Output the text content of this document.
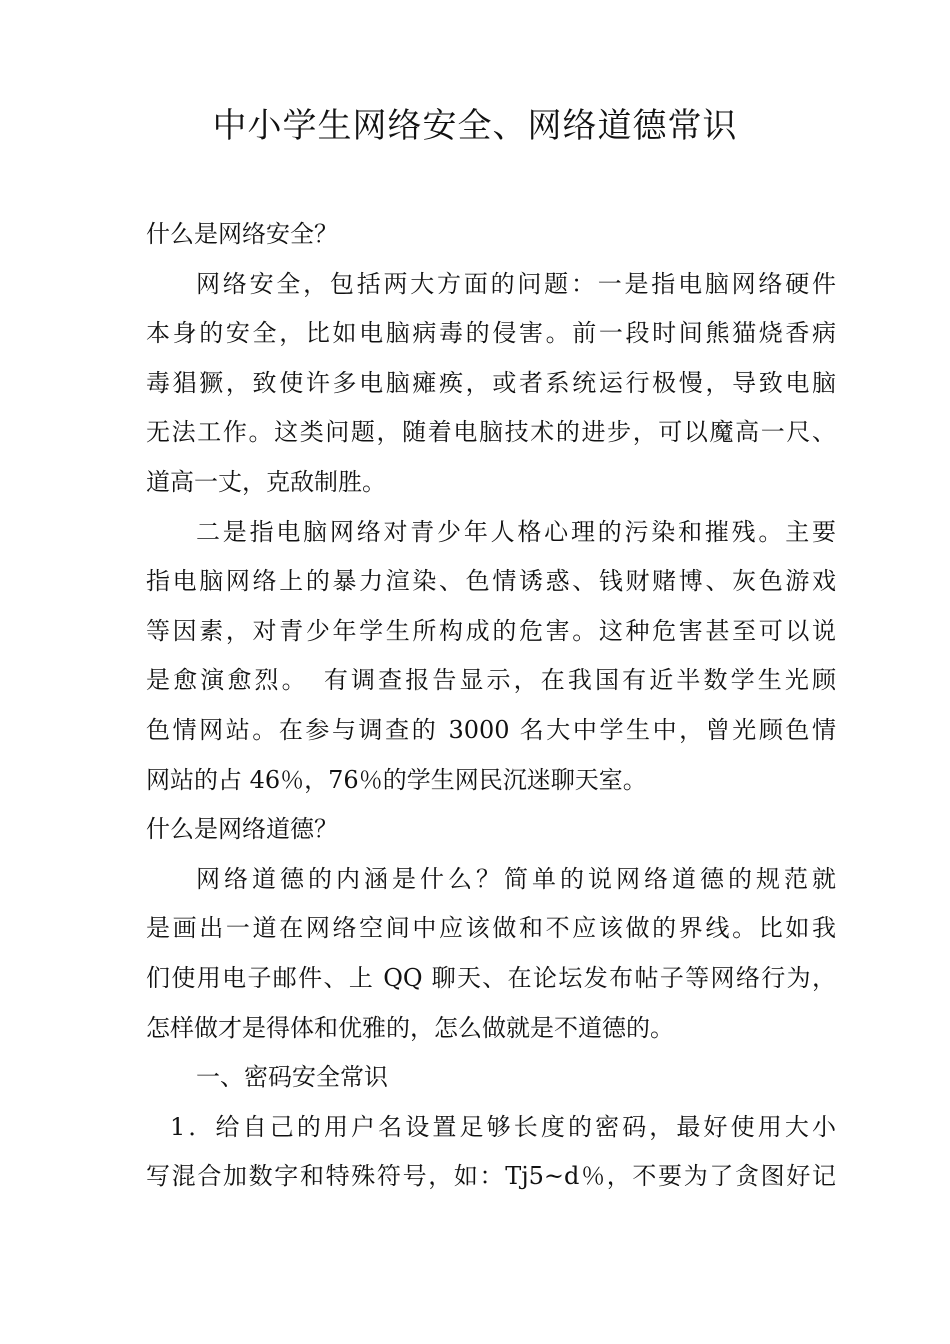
中小学生网络安全、网络道德常识
什么是网络安全？
网络安全，包括两大方面的问题：一是指电脑网络硬件
本身的安全，比如电脑病毒的侵害。前一段时间熊猫烧香病
毒猖獗，致使许多电脑瘫痪，或者系统运行极慢，导致电脑
无法工作。这类问题，随着电脑技术的进步，可以魔高一尺、
道高一丈，克敌制胜。
二是指电脑网络对青少年人格心理的污染和摧残。主要
指电脑网络上的暴力渲染、色情诱惑、钱财赌博、灰色游戏
等因素，对青少年学生所构成的危害。这种危害甚至可以说
是愈演愈烈。　有调查报告显示，在我国有近半数学生光顾
色情网站。在参与调查的 3000 名大中学生中，曾光顾色情
网站的占 46％，76％的学生网民沉迷聊天室。
什么是网络道德？
网络道德的内涵是什么？简单的说网络道德的规范就
是画出一道在网络空间中应该做和不应该做的界线。比如我
们使用电子邮件、上 QQ 聊天、在论坛发布帖子等网络行为，
怎样做才是得体和优雅的，怎么做就是不道德的。
一、密码安全常识
1．给自己的用户名设置足够长度的密码，最好使用大小
写混合加数字和特殊符号，如：Tj5~d％，不要为了贪图好记
